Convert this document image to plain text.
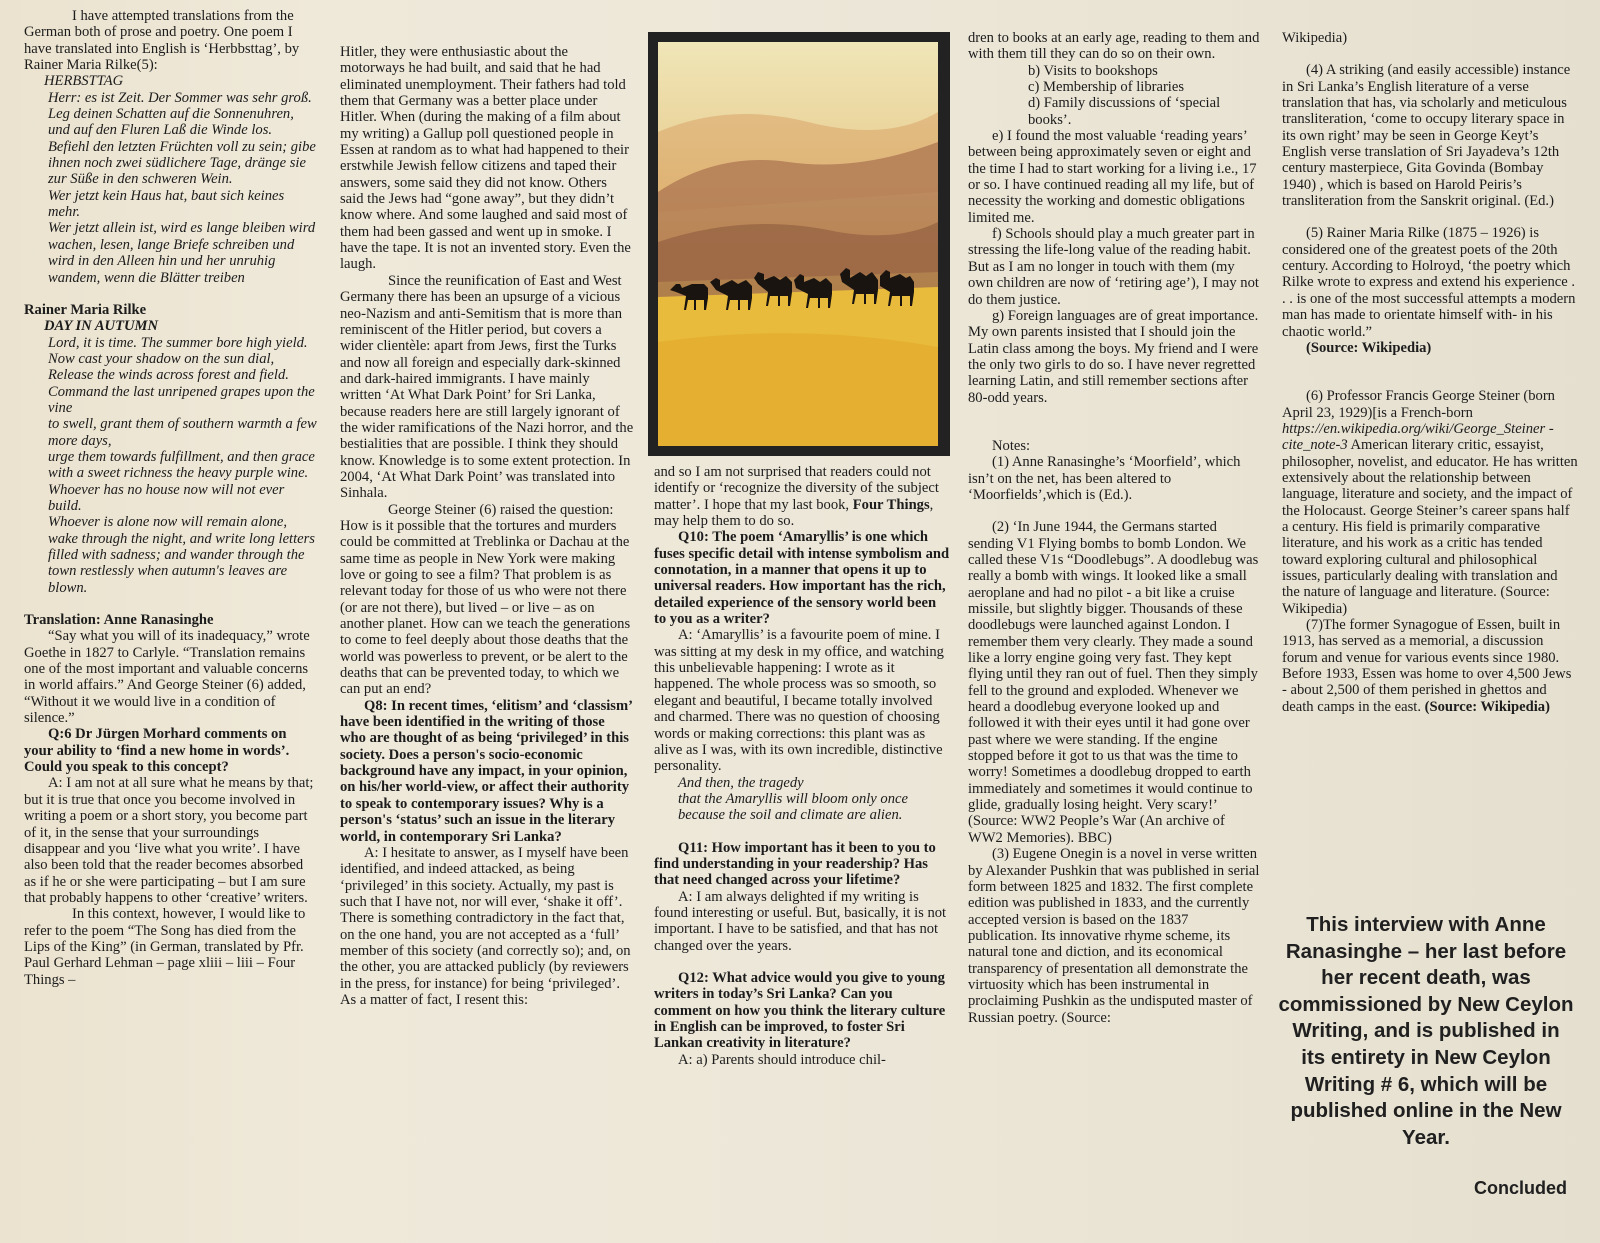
I have attempted translations from the German both of prose and poetry. One poem I have translated into English is ‘Herbbsttag’, by Rainer Maria Rilke(5):

HERBSTTAG

Herr: es ist Zeit. Der Sommer was sehr groß. Leg deinen Schatten auf die Sonnenuhren, und auf den Fluren Laß die Winde los.

Befiehl den letzten Früchten voll zu sein; gibe ihnen noch zwei südlichere Tage, dränge sie zur Süße in den schweren Wein.

Wer jetzt kein Haus hat, baut sich keines mehr.

Wer jetzt allein ist, wird es lange bleiben wird wachen, lesen, lange Briefe schreiben und wird in den Alleen hin und her unruhig wandem, wenn die Blätter treiben

Rainer Maria Rilke

DAY IN AUTUMN

Lord, it is time. The summer bore high yield.

Now cast your shadow on the sun dial,

Release the winds across forest and field.

Command the last unripened grapes upon the vine

to swell, grant them of southern warmth a few more days,

urge them towards fulfillment, and then grace with a sweet richness the heavy purple wine.

Whoever has no house now will not ever build.

Whoever is alone now will remain alone, wake through the night, and write long letters filled with sadness; and wander through the town restlessly when autumn's leaves are blown.

Translation: Anne Ranasinghe

“Say what you will of its inadequacy,” wrote Goethe in 1827 to Carlyle. “Translation remains one of the most important and valuable concerns in world affairs.” And George Steiner (6) added, “Without it we would live in a condition of silence.”

Q:6 Dr Jürgen Morhard comments on your ability to ‘find a new home in words’. Could you speak to this concept?

A: I am not at all sure what he means by that; but it is true that once you become involved in writing a poem or a short story, you become part of it, in the sense that your surroundings disappear and you ‘live what you write’. I have also been told that the reader becomes absorbed as if he or she were participating – but I am sure that probably happens to other ‘creative’ writers.

In this context, however, I would like to refer to the poem “The Song has died from the Lips of the King” (in German, translated by Pfr. Paul Gerhard Lehman – page xliii – liii – Four Things –

Hitler, they were enthusiastic about the motorways he had built, and said that he had eliminated unemployment. Their fathers had told them that Germany was a better place under Hitler. When (during the making of a film about my writing) a Gallup poll questioned people in Essen at random as to what had happened to their erstwhile Jewish fellow citizens and taped their answers, some said they did not know. Others said the Jews had “gone away”, but they didn’t know where. And some laughed and said most of them had been gassed and went up in smoke. I have the tape. It is not an invented story. Even the laugh.

Since the reunification of East and West Germany there has been an upsurge of a vicious neo-Nazism and anti-Semitism that is more than reminiscent of the Hitler period, but covers a wider clientèle: apart from Jews, first the Turks and now all foreign and especially dark-skinned and dark-haired immigrants. I have mainly written ‘At What Dark Point’ for Sri Lanka, because readers here are still largely ignorant of the wider ramifications of the Nazi horror, and the bestialities that are possible. I think they should know. Knowledge is to some extent protection. In 2004, ‘At What Dark Point’ was translated into Sinhala.

George Steiner (6) raised the question: How is it possible that the tortures and murders could be committed at Treblinka or Dachau at the same time as people in New York were making love or going to see a film? That problem is as relevant today for those of us who were not there (or are not there), but lived – or live – as on another planet. How can we teach the generations to come to feel deeply about those deaths that the world was powerless to prevent, or be alert to the deaths that can be prevented today, to which we can put an end?

Q8: In recent times, ‘elitism’ and ‘classism’ have been identified in the writing of those who are thought of as being ‘privileged’ in this society. Does a person's socio-economic background have any impact, in your opinion, on his/her world-view, or affect their authority to speak to contemporary issues? Why is a person's ‘status’ such an issue in the literary world, in contemporary Sri Lanka?

A: I hesitate to answer, as I myself have been identified, and indeed attacked, as being ‘privileged’ in this society. Actually, my past is such that I have not, nor will ever, ‘shake it off’. There is something contradictory in the fact that, on the one hand, you are not accepted as a ‘full’ member of this society (and correctly so); and, on the other, you are attacked publicly (by reviewers in the press, for instance) for being ‘privileged’. As a matter of fact, I resent this:

and so I am not surprised that readers could not identify or ‘recognize the diversity of the subject matter’. I hope that my last book, Four Things, may help them to do so.

Q10: The poem ‘Amaryllis’ is one which fuses specific detail with intense symbolism and connotation, in a manner that opens it up to universal readers. How important has the rich, detailed experience of the sensory world been to you as a writer?

A: ‘Amaryllis’ is a favourite poem of mine. I was sitting at my desk in my office, and watching this unbelievable happening: I wrote as it happened. The whole process was so smooth, so elegant and beautiful, I became totally involved and charmed. There was no question of choosing words or making corrections: this plant was as alive as I was, with its own incredible, distinctive personality.

And then, the tragedy

that the Amaryllis will bloom only once

because the soil and climate are alien.

Q11: How important has it been to you to find understanding in your readership? Has that need changed across your lifetime?

A: I am always delighted if my writing is found interesting or useful. But, basically, it is not important. I have to be satisfied, and that has not changed over the years.

Q12: What advice would you give to young writers in today’s Sri Lanka? Can you comment on how you think the literary culture in English can be improved, to foster Sri Lankan creativity in literature?

A: a) Parents should introduce chil-

dren to books at an early age, reading to them and with them till they can do so on their own.

b) Visits to bookshops

c) Membership of libraries

d) Family discussions of ‘special books’.

e) I found the most valuable ‘reading years’ between being approximately seven or eight and the time I had to start working for a living i.e., 17 or so. I have continued reading all my life, but of necessity the working and domestic obligations limited me.

f) Schools should play a much greater part in stressing the life-long value of the reading habit. But as I am no longer in touch with them (my own children are now of ‘retiring age’), I may not do them justice.

g) Foreign languages are of great importance. My own parents insisted that I should join the Latin class among the boys. My friend and I were the only two girls to do so. I have never regretted learning Latin, and still remember sections after 80-odd years.

Notes:

(1) Anne Ranasinghe’s ‘Moorfield’, which isn’t on the net, has been altered to ‘Moorfields’,which is (Ed.).

(2) ‘In June 1944, the Germans started sending V1 Flying bombs to bomb London. We called these V1s “Doodlebugs”. A doodlebug was really a bomb with wings. It looked like a small aeroplane and had no pilot - a bit like a cruise missile, but slightly bigger. Thousands of these doodlebugs were launched against London. I remember them very clearly. They made a sound like a lorry engine going very fast. They kept flying until they ran out of fuel. Then they simply fell to the ground and exploded. Whenever we heard a doodlebug everyone looked up and followed it with their eyes until it had gone over past where we were standing. If the engine stopped before it got to us that was the time to worry! Sometimes a doodlebug dropped to earth immediately and sometimes it would continue to glide, gradually losing height. Very scary!’ (Source: WW2 People’s War (An archive of WW2 Memories). BBC)

(3) Eugene Onegin is a novel in verse written by Alexander Pushkin that was published in serial form between 1825 and 1832. The first complete edition was published in 1833, and the currently accepted version is based on the 1837 publication. Its innovative rhyme scheme, its natural tone and diction, and its economical transparency of presentation all demonstrate the virtuosity which has been instrumental in proclaiming Pushkin as the undisputed master of Russian poetry. (Source:

Wikipedia)

(4) A striking (and easily accessible) instance in Sri Lanka’s English literature of a verse translation that has, via scholarly and meticulous transliteration, ‘come to occupy literary space in its own right’ may be seen in George Keyt’s English verse translation of Sri Jayadeva’s 12th century masterpiece, Gita Govinda (Bombay 1940) , which is based on Harold Peiris’s transliteration from the Sanskrit original. (Ed.)

(5) Rainer Maria Rilke (1875 – 1926) is considered one of the greatest poets of the 20th century. According to Holroyd, ‘the poetry which Rilke wrote to express and extend his experience . . . is one of the most successful attempts a modern man has made to orientate himself with- in his chaotic world.”

(Source: Wikipedia)

(6) Professor Francis George Steiner (born April 23, 1929)[is a French-born https://en.wikipedia.org/wiki/George_Steiner - cite_note-3 American literary critic, essayist, philosopher, novelist, and educator. He has written extensively about the relationship between language, literature and society, and the impact of the Holocaust. George Steiner’s career spans half a century. His field is primarily comparative literature, and his work as a critic has tended toward exploring cultural and philosophical issues, particularly dealing with translation and the nature of language and literature. (Source: Wikipedia)

(7)The former Synagogue of Essen, built in 1913, has served as a memorial, a discussion forum and venue for various events since 1980. Before 1933, Essen was home to over 4,500 Jews - about 2,500 of them perished in ghettos and death camps in the east. (Source: Wikipedia)

This interview with Anne Ranasinghe – her last before her recent death, was commissioned by New Ceylon Writing, and is published in its entirety in New Ceylon Writing # 6, which will be published online in the New Year.
Concluded
